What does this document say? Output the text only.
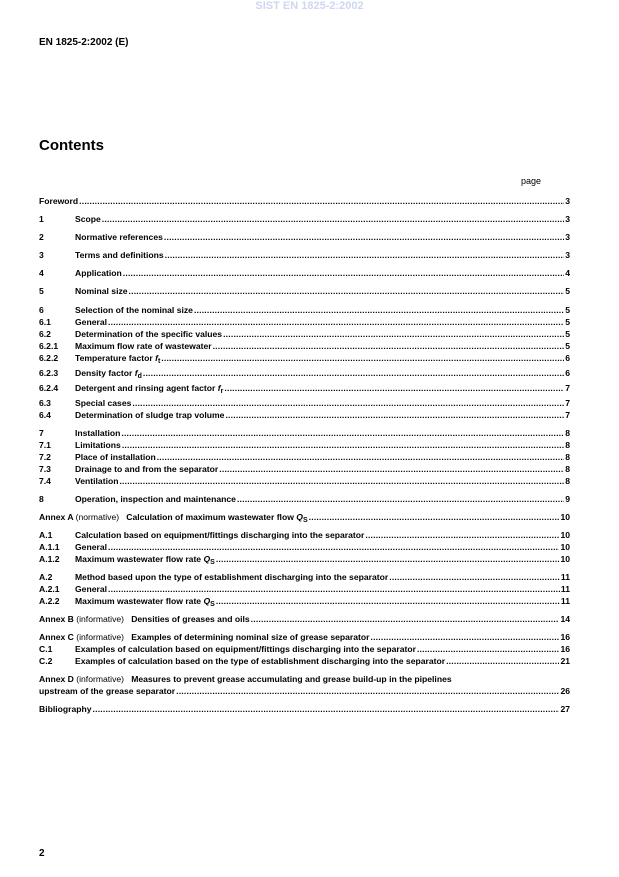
SIST EN 1825-2:2002
EN 1825-2:2002 (E)
Contents
page
Foreword	3
.....
1	Scope	3
.....
2	Normative references	3
.....
3	Terms and definitions	3
.....
4	Application	4
.....
5	Nominal size	5
.....
6	Selection of the nominal size	5
.....
6.1	General	5
.....
6.2	Determination of the specific values	5
.....
6.2.1 Maximum flow rate of wastewater	5
.....
6.2.2 Temperature factor $f_t$	6
.....
6.2.3 Density factor $f_d$	6
.....
6.2.4 Detergent and rinsing agent factor $f_r$	7
.....
6.3	Special cases	7
.....
6.4	Determination of sludge trap volume	7
.....
7	Installation	8
.....
7.1	Limitations	8
.....
7.2	Place of installation	8
.....
7.3	Drainage to and from the separator	8
.....
7.4	Ventilation	8
.....
8	Operation, inspection and maintenance	9
.....
Annex A (normative) Calculation of maximum wastewater flow $Q_S$	10
.....
A.1	Calculation based on equipment/fittings discharging into the separator	10
.....
A.1.1 General	10
.....
A.1.2 Maximum wastewater flow rate $Q_S$	10
.....
A.2	Method based upon the type of establishment discharging into the separator	11
.....
A.2.1 General	11
.....
A.2.2 Maximum wastewater flow rate $Q_S$	11
.....
Annex B (informative) Densities of greases and oils	14
.....
Annex C (informative) Examples of determining nominal size of grease separator	16
.....
C.1	Examples of calculation based on equipment/fittings discharging into the separator	16
.....
C.2	Examples of calculation based on the type of establishment discharging into the separator	21
.....
Annex D (informative) Measures to prevent grease accumulating and grease build-up in the pipelines
upstream of the grease separator	26
.....
Bibliography	27
.....
2
